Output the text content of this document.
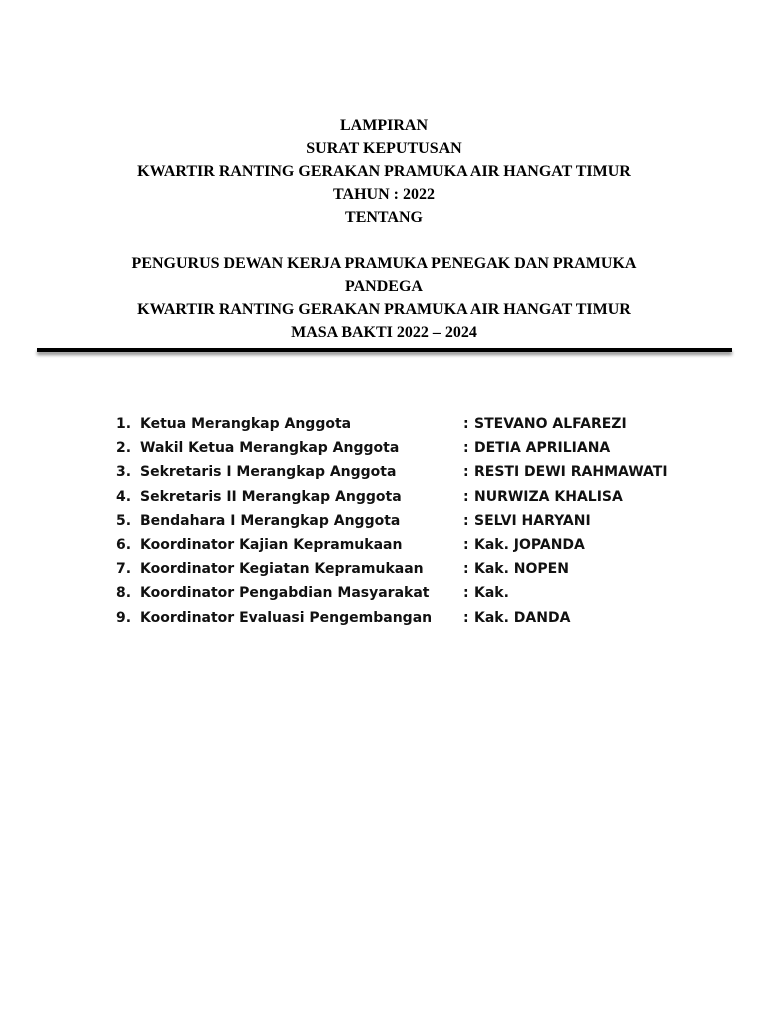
LAMPIRAN
SURAT KEPUTUSAN
KWARTIR RANTING GERAKAN PRAMUKA AIR HANGAT TIMUR
TAHUN : 2022
TENTANG
PENGURUS DEWAN KERJA PRAMUKA PENEGAK DAN PRAMUKA
PANDEGA
KWARTIR RANTING GERAKAN PRAMUKA AIR HANGAT TIMUR
MASA BAKTI 2022 – 2024
1. Ketua Merangkap Anggota	: STEVANO ALFAREZI
2. Wakil Ketua Merangkap Anggota	: DETIA APRILIANA
3. Sekretaris I Merangkap Anggota	: RESTI DEWI RAHMAWATI
4. Sekretaris II Merangkap Anggota	: NURWIZA KHALISA
5. Bendahara I Merangkap Anggota	: SELVI HARYANI
6. Koordinator Kajian Kepramukaan	: Kak. JOPANDA
7. Koordinator Kegiatan Kepramukaan	: Kak. NOPEN
8. Koordinator Pengabdian Masyarakat	: Kak.
9. Koordinator Evaluasi Pengembangan	: Kak. DANDA
